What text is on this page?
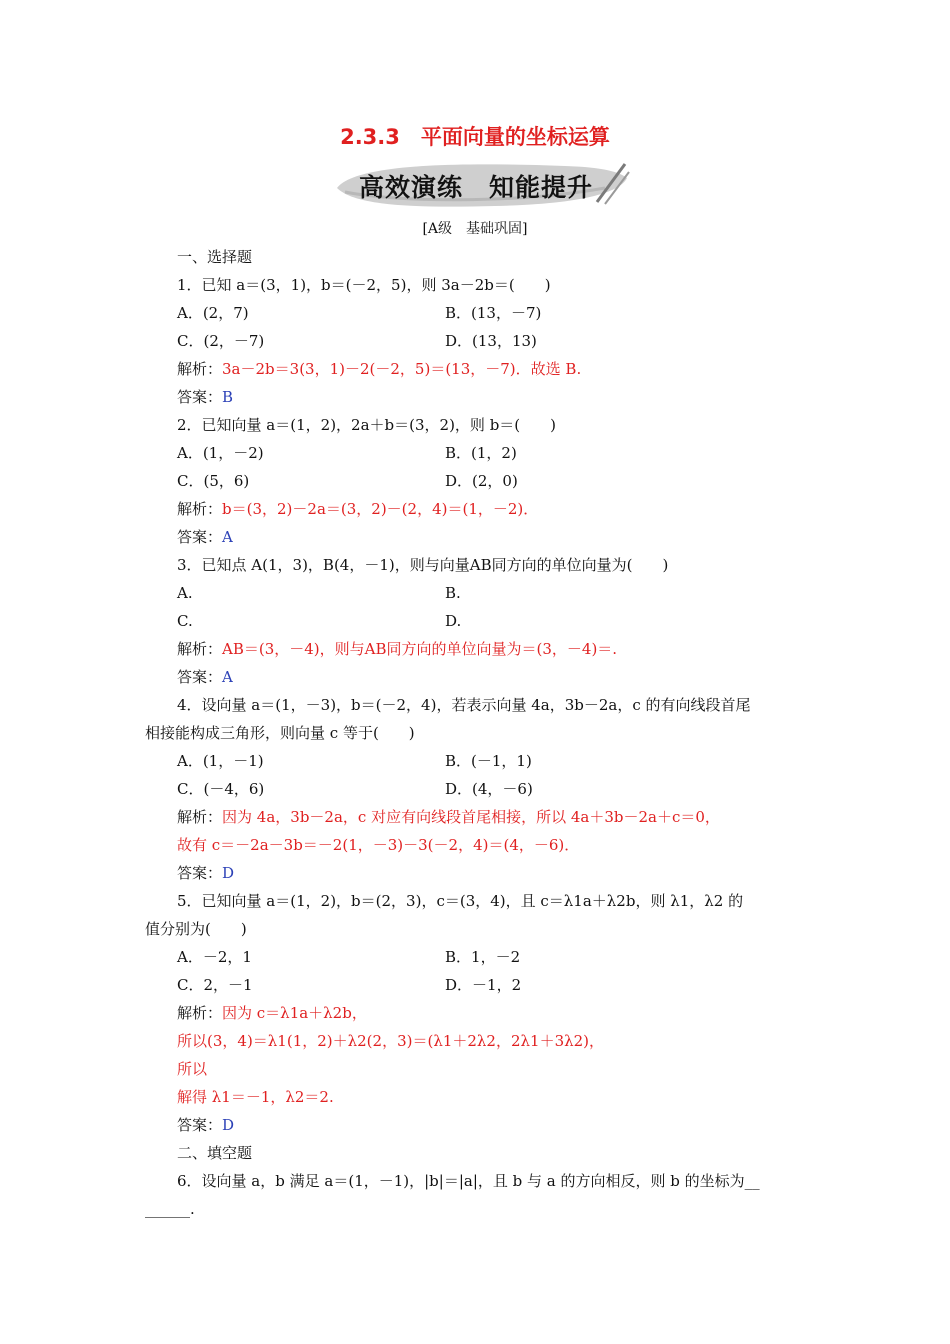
2.3.3　平面向量的坐标运算
高效演练　知能提升
[A级　基础巩固]
一、选择题
1．已知 a＝(3，1)，b＝(－2，5)，则 3a－2b＝(　　)
A．(2，7)	B．(13，－7)
C．(2，－7)	D．(13，13)
解析：3a－2b＝3(3，1)－2(－2，5)＝(13，－7)．故选 B.
答案：B
2．已知向量 a＝(1，2)，2a＋b＝(3，2)，则 b＝(　　)
A．(1，－2)	B．(1，2)
C．(5，6)	D．(2，0)
解析：b＝(3，2)－2a＝(3，2)－(2，4)＝(1，－2)．
答案：A
3．已知点 A(1，3)，B(4，－1)，则与向量AB同方向的单位向量为(　　)
A.	B.
C.	D.
解析：AB＝(3，－4)，则与AB同方向的单位向量为＝(3，－4)＝.
答案：A
4．设向量 a＝(1，－3)，b＝(－2，4)，若表示向量 4a，3b－2a，c 的有向线段首尾
相接能构成三角形，则向量 c 等于(　　)
A．(1，－1)	B．(－1，1)
C．(－4，6)	D．(4，－6)
解析：因为 4a，3b－2a，c 对应有向线段首尾相接，所以 4a＋3b－2a＋c＝0，
故有 c＝－2a－3b＝－2(1，－3)－3(－2，4)＝(4，－6)．
答案：D
5．已知向量 a＝(1，2)，b＝(2，3)，c＝(3，4)，且 c＝λ1a＋λ2b，则 λ1，λ2 的
值分别为(　　)
A．－2，1	B．1，－2
C．2，－1	D．－1，2
解析：因为 c＝λ1a＋λ2b，
所以(3，4)＝λ1(1，2)＋λ2(2，3)＝(λ1＋2λ2，2λ1＋3λ2)，
所以
解得 λ1＝－1，λ2＝2.
答案：D
二、填空题
6．设向量 a，b 满足 a＝(1，－1)，|b|＝|a|，且 b 与 a 的方向相反，则 b 的坐标为__
______.
